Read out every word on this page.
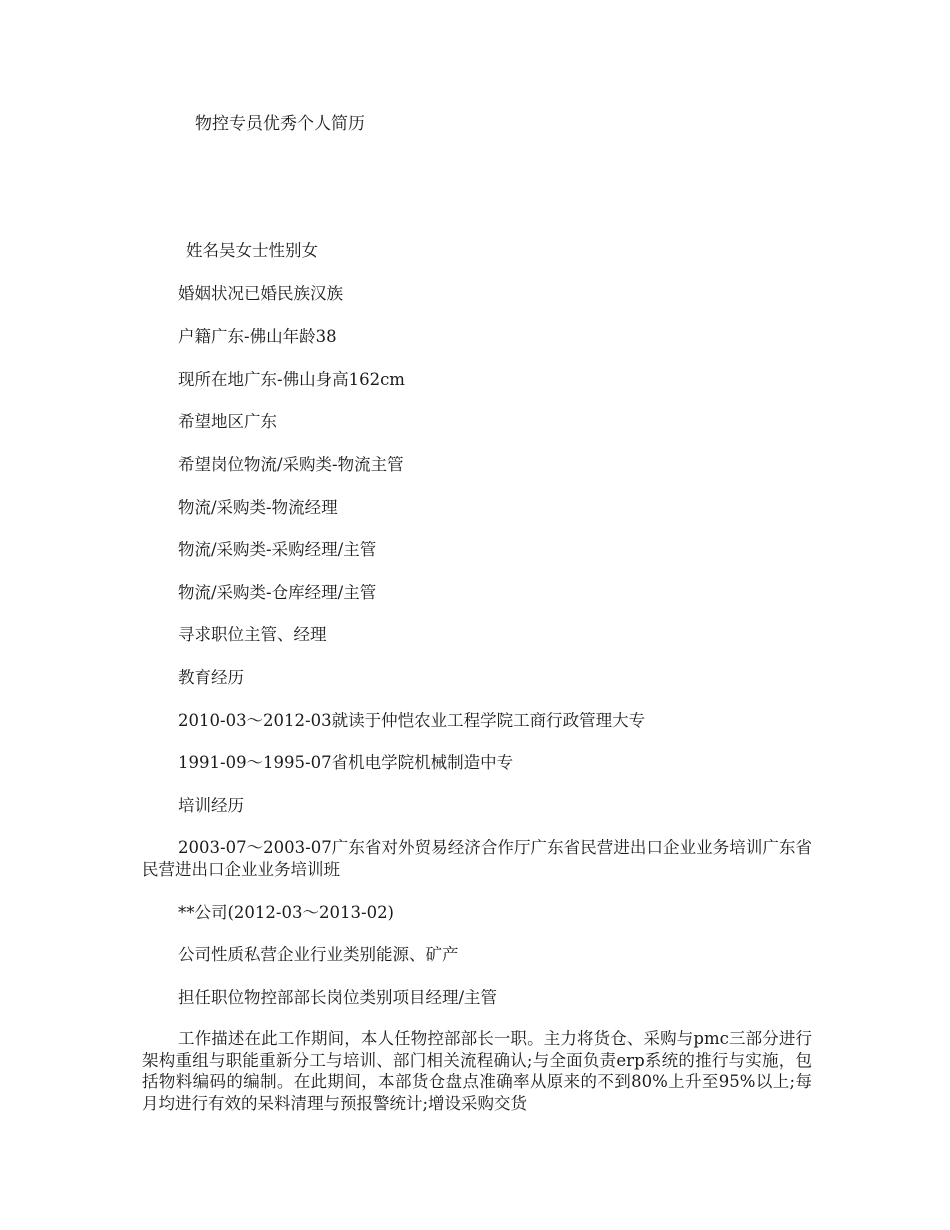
物控专员优秀个人简历
姓名吴女士性别女
婚姻状况已婚民族汉族
户籍广东-佛山年龄38
现所在地广东-佛山身高162cm
希望地区广东
希望岗位物流/采购类-物流主管
物流/采购类-物流经理
物流/采购类-采购经理/主管
物流/采购类-仓库经理/主管
寻求职位主管、经理
教育经历
2010-03～2012-03就读于仲恺农业工程学院工商行政管理大专
1991-09～1995-07省机电学院机械制造中专
培训经历
2003-07～2003-07广东省对外贸易经济合作厅广东省民营进出口企业业务培训广东省民营进出口企业业务培训班
**公司(2012-03～2013-02)
公司性质私营企业行业类别能源、矿产
担任职位物控部部长岗位类别项目经理/主管
工作描述在此工作期间，本人任物控部部长一职。主力将货仓、采购与pmc三部分进行架构重组与职能重新分工与培训、部门相关流程确认;与全面负责erp系统的推行与实施，包括物料编码的编制。在此期间，本部货仓盘点准确率从原来的不到80%上升至95%以上;每月均进行有效的呆料清理与预报警统计;增设采购交货
